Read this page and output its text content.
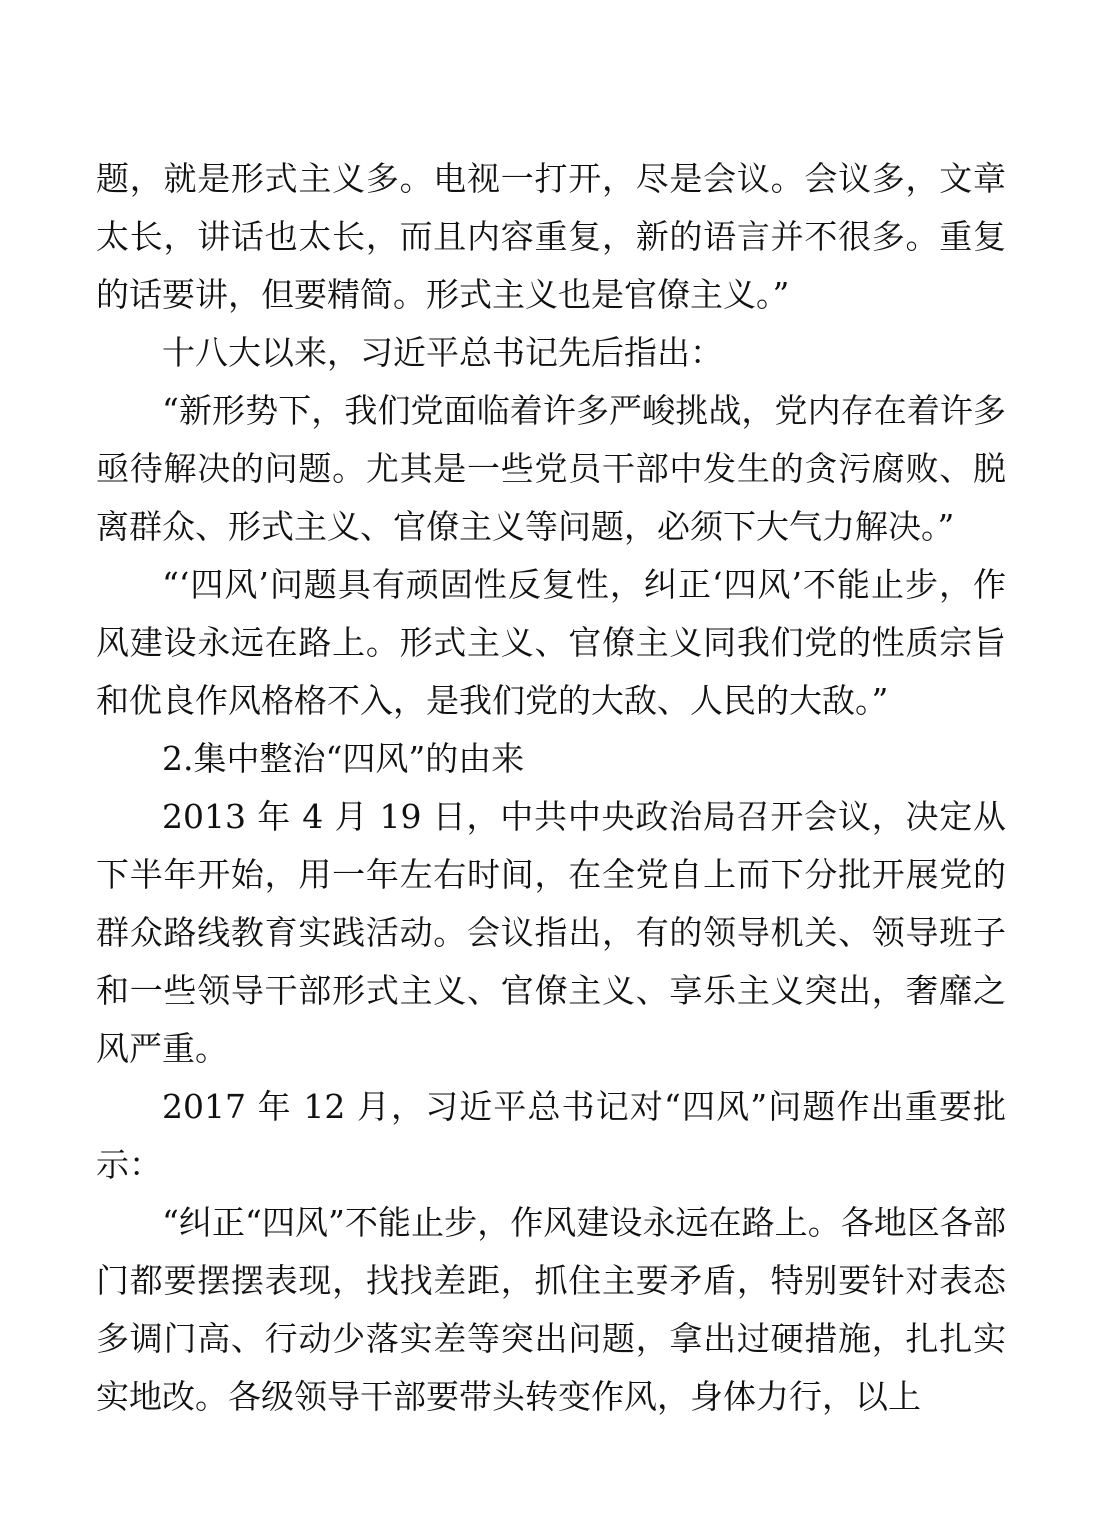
题，就是形式主义多。电视一打开，尽是会议。会议多，文章太长，讲话也太长，而且内容重复，新的语言并不很多。重复的话要讲，但要精简。形式主义也是官僚主义。”

十八大以来，习近平总书记先后指出：

“新形势下，我们党面临着许多严峻挑战，党内存在着许多亟待解决的问题。尤其是一些党员干部中发生的贪污腐败、脱离群众、形式主义、官僚主义等问题，必须下大气力解决。”

“‘四风’问题具有顽固性反复性，纠正‘四风’不能止步，作风建设永远在路上。形式主义、官僚主义同我们党的性质宗旨和优良作风格格不入，是我们党的大敌、人民的大敌。”

2.集中整治“四风”的由来

2013 年 4 月 19 日，中共中央政治局召开会议，决定从下半年开始，用一年左右时间，在全党自上而下分批开展党的群众路线教育实践活动。会议指出，有的领导机关、领导班子和一些领导干部形式主义、官僚主义、享乐主义突出，奢靡之风严重。

2017 年 12 月，习近平总书记对“四风”问题作出重要批示：

“纠正“四风”不能止步，作风建设永远在路上。各地区各部门都要摆摆表现，找找差距，抓住主要矛盾，特别要针对表态多调门高、行动少落实差等突出问题，拿出过硬措施，扎扎实实地改。各级领导干部要带头转变作风，身体力行，以上
